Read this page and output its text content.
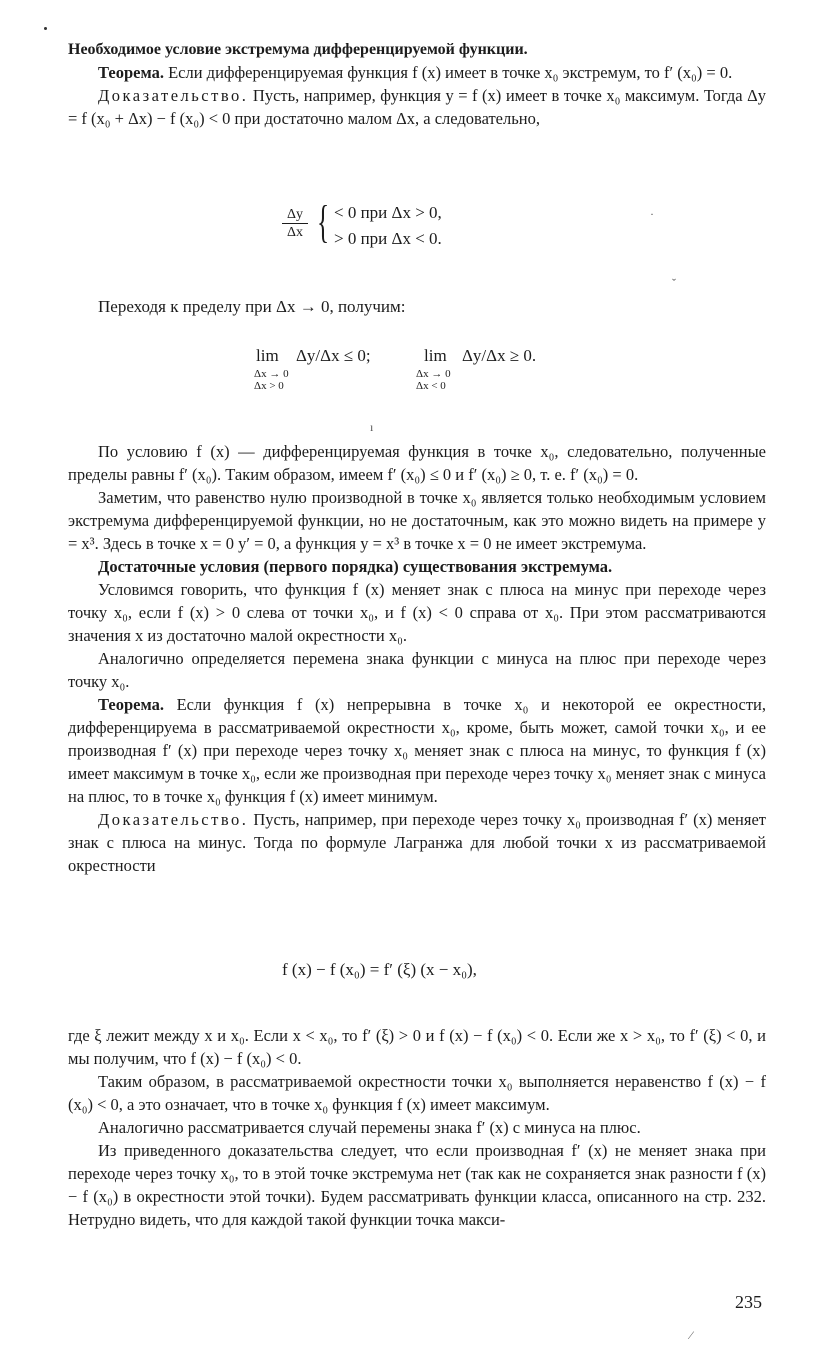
Необходимое условие экстремума дифференцируемой функции.

Теорема. Если дифференцируемая функция f (x) имеет в точке x₀ экстремум, то f′ (x₀) = 0.

Доказательство. Пусть, например, функция y = f (x) имеет в точке x₀ максимум. Тогда Δy = f (x₀ + Δx) − f (x₀) < 0 при достаточно малом Δx, а следовательно,

$\frac{\Delta y}{\Delta x}$ { < 0 при Δx > 0,
> 0 при Δx < 0.
·
ˇ

Переходя к пределу при Δx → 0, получим:

lim
Δx → 0
Δx > 0
Δy/Δx ≤ 0;	lim
Δx → 0
Δx < 0
Δy/Δx ≥ 0.
ı

По условию f (x) — дифференцируемая функция в точке x₀, следовательно, полученные пределы равны f′ (x₀). Таким образом, имеем f′ (x₀) ≤ 0 и f′ (x₀) ≥ 0, т. е. f′ (x₀) = 0.

Заметим, что равенство нулю производной в точке x₀ является только необходимым условием экстремума дифференцируемой функции, но не достаточным, как это можно видеть на примере y = x³. Здесь в точке x = 0 y′ = 0, а функция y = x³ в точке x = 0 не имеет экстремума.

Достаточные условия (первого порядка) существования экстремума.

Условимся говорить, что функция f (x) меняет знак с плюса на минус при переходе через точку x₀, если f (x) > 0 слева от точки x₀, и f (x) < 0 справа от x₀. При этом рассматриваются значения x из достаточно малой окрестности x₀.

Аналогично определяется перемена знака функции с минуса на плюс при переходе через точку x₀.

Теорема. Если функция f (x) непрерывна в точке x₀ и некоторой ее окрестности, дифференцируема в рассматриваемой окрестности x₀, кроме, быть может, самой точки x₀, и ее производная f′ (x) при переходе через точку x₀ меняет знак с плюса на минус, то функция f (x) имеет максимум в точке x₀, если же производная при переходе через точку x₀ меняет знак с минуса на плюс, то в точке x₀ функция f (x) имеет минимум.

Доказательство. Пусть, например, при переходе через точку x₀ производная f′ (x) меняет знак с плюса на минус. Тогда по формуле Лагранжа для любой точки x из рассматриваемой окрестности

f (x) − f (x₀) = f′ (ξ) (x − x₀),

где ξ лежит между x и x₀. Если x < x₀, то f′ (ξ) > 0 и f (x) − f (x₀) < 0. Если же x > x₀, то f′ (ξ) < 0, и мы получим, что f (x) − f (x₀) < 0.

Таким образом, в рассматриваемой окрестности точки x₀ выполняется неравенство f (x) − f (x₀) < 0, а это означает, что в точке x₀ функция f (x) имеет максимум.

Аналогично рассматривается случай перемены знака f′ (x) с минуса на плюс.

Из приведенного доказательства следует, что если производная f′ (x) не меняет знака при переходе через точку x₀, то в этой точке экстремума нет (так как не сохраняется знак разности f (x) − f (x₀) в окрестности этой точки). Будем рассматривать функции класса, описанного на стр. 232. Нетрудно видеть, что для каждой такой функции точка макси-

235
⁄
